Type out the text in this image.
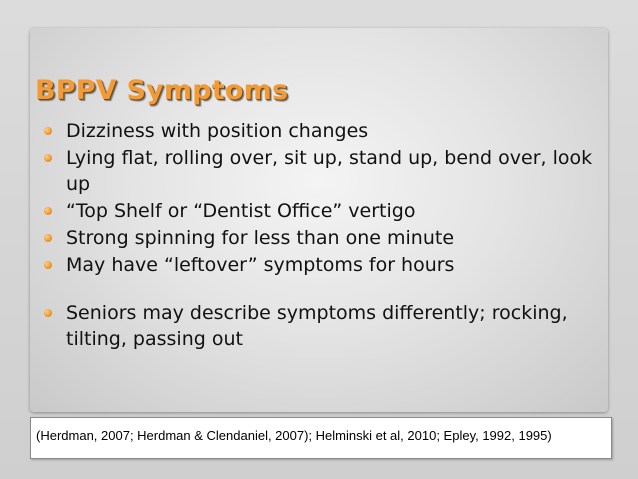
BPPV Symptoms
Dizziness with position changes
Lying flat, rolling over, sit up, stand up, bend over, look up
“Top Shelf or “Dentist Office” vertigo
Strong spinning for less than one minute
May have “leftover” symptoms for hours
Seniors may describe symptoms differently; rocking, tilting, passing out
(Herdman, 2007; Herdman & Clendaniel, 2007); Helminski et al, 2010; Epley, 1992, 1995)
